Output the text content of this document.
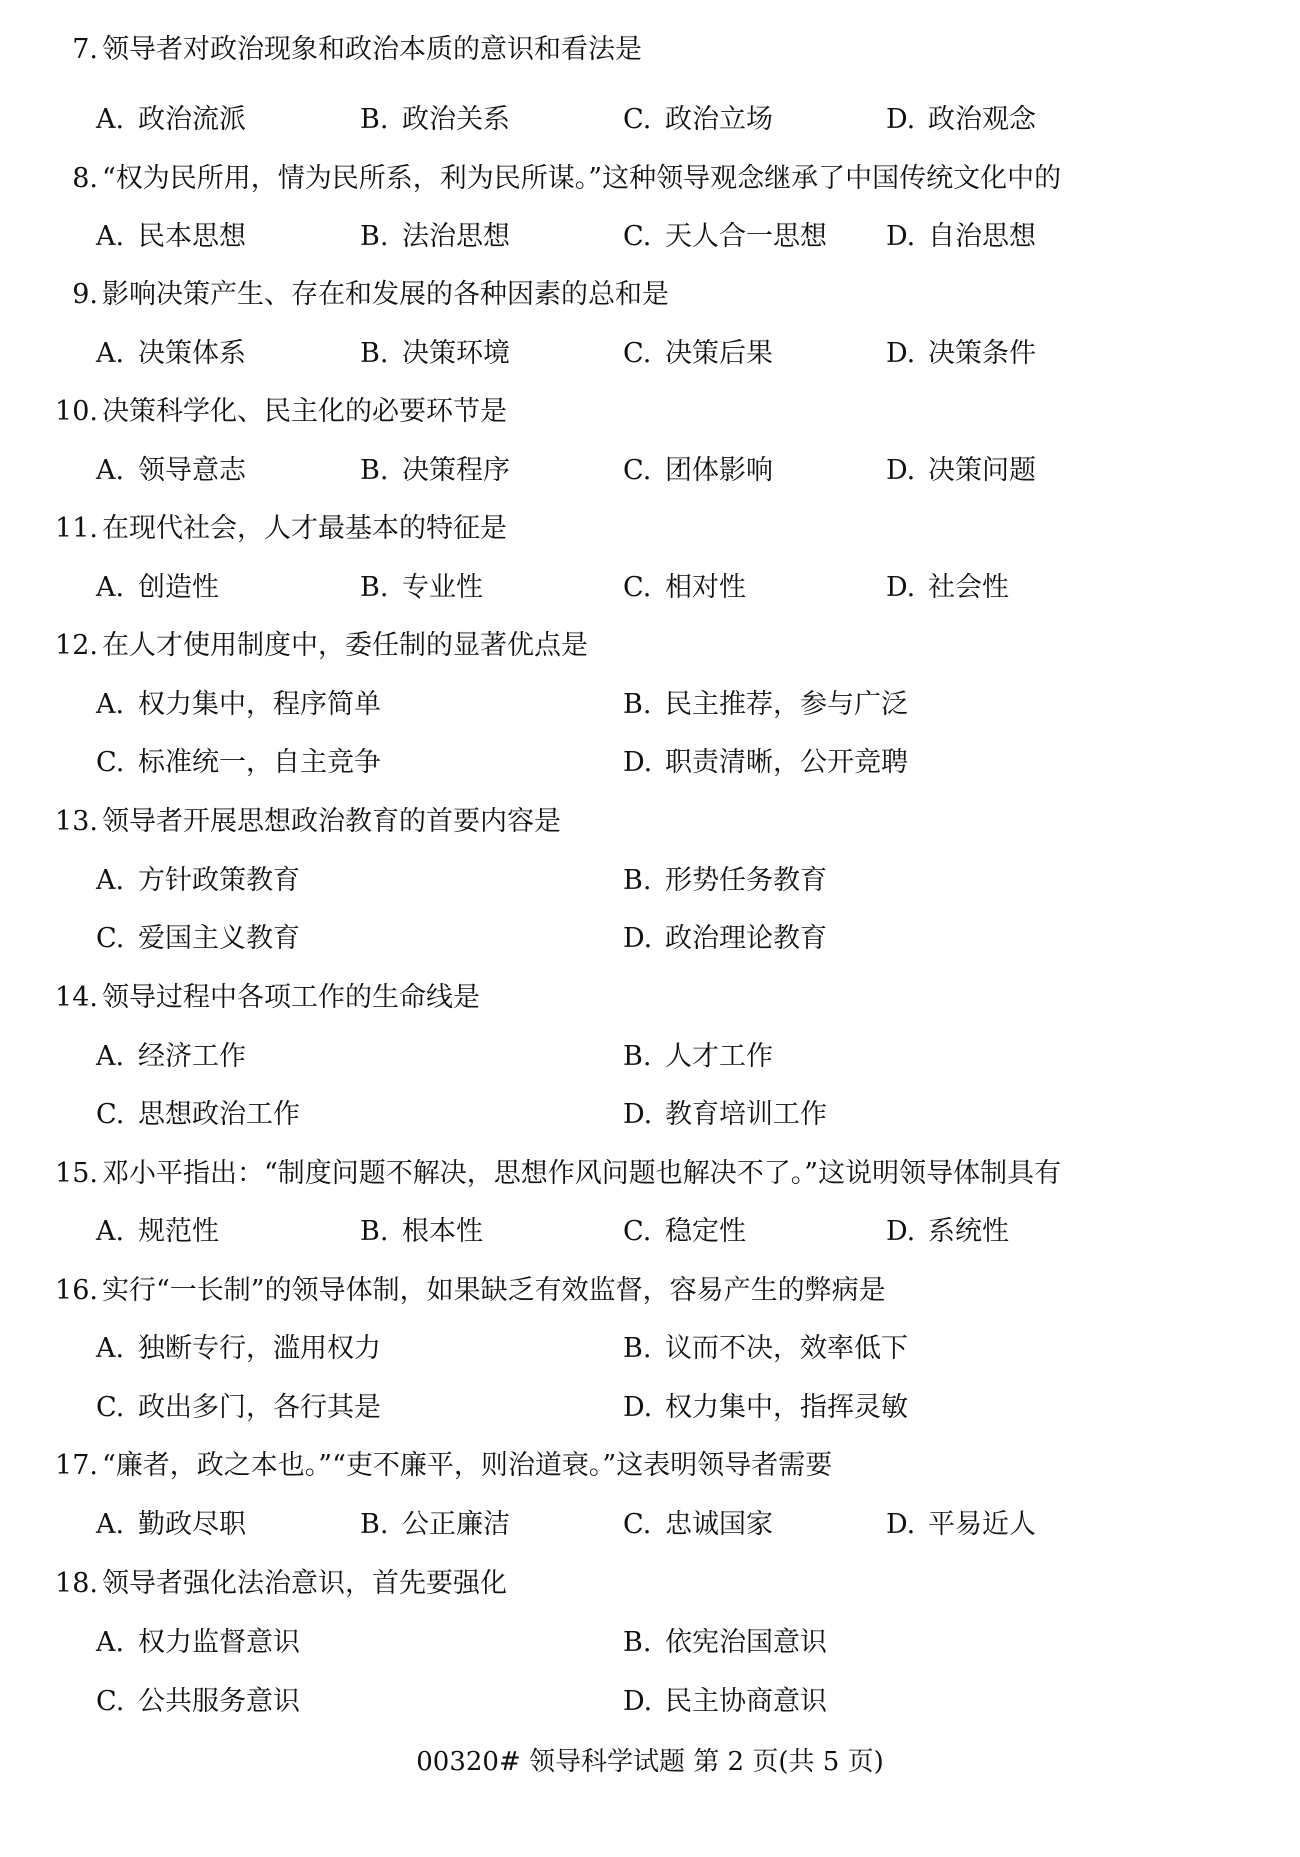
7. 领导者对政治现象和政治本质的意识和看法是
A. 政治流派	B. 政治关系	C. 政治立场	D. 政治观念
8. “权为民所用，情为民所系，利为民所谋。”这种领导观念继承了中国传统文化中的
A. 民本思想	B. 法治思想	C. 天人合一思想 D. 自治思想
9. 影响决策产生、存在和发展的各种因素的总和是
A. 决策体系	B. 决策环境	C. 决策后果	D. 决策条件
10. 决策科学化、民主化的必要环节是
A. 领导意志	B. 决策程序	C. 团体影响	D. 决策问题
11. 在现代社会，人才最基本的特征是
A. 创造性	B. 专业性	C. 相对性	D. 社会性
12. 在人才使用制度中，委任制的显著优点是
A. 权力集中，程序简单	B. 民主推荐，参与广泛
C. 标准统一，自主竞争	D. 职责清晰，公开竞聘
13. 领导者开展思想政治教育的首要内容是
A. 方针政策教育	B. 形势任务教育
C. 爱国主义教育	D. 政治理论教育
14. 领导过程中各项工作的生命线是
A. 经济工作	B. 人才工作
C. 思想政治工作	D. 教育培训工作
15. 邓小平指出：“制度问题不解决，思想作风问题也解决不了。”这说明领导体制具有
A. 规范性	B. 根本性	C. 稳定性	D. 系统性
16. 实行“一长制”的领导体制，如果缺乏有效监督，容易产生的弊病是
A. 独断专行，滥用权力	B. 议而不决，效率低下
C. 政出多门，各行其是	D. 权力集中，指挥灵敏
17. “廉者，政之本也。”“吏不廉平，则治道衰。”这表明领导者需要
A. 勤政尽职	B. 公正廉洁	C. 忠诚国家	D. 平易近人
18. 领导者强化法治意识，首先要强化
A. 权力监督意识	B. 依宪治国意识
C. 公共服务意识	D. 民主协商意识
00320# 领导科学试题 第 2 页(共 5 页)
